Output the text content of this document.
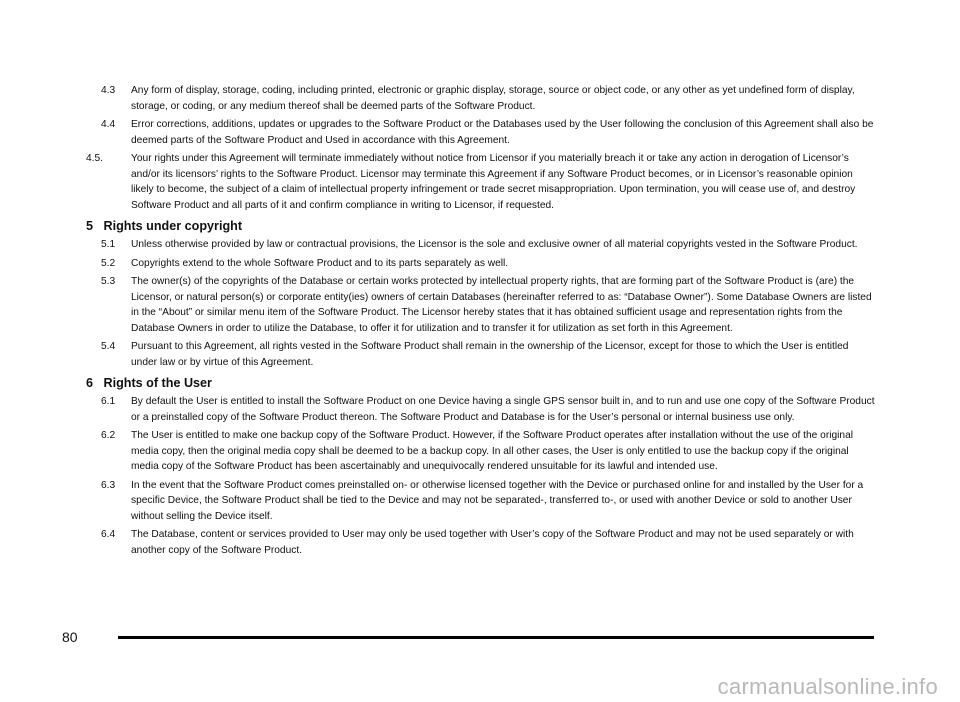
4.3 Any form of display, storage, coding, including printed, electronic or graphic display, storage, source or object code, or any other as yet undefined form of display, storage, or coding, or any medium thereof shall be deemed parts of the Software Product.
4.4 Error corrections, additions, updates or upgrades to the Software Product or the Databases used by the User following the conclusion of this Agreement shall also be deemed parts of the Software Product and Used in accordance with this Agreement.
4.5.	Your rights under this Agreement will terminate immediately without notice from Licensor if you materially breach it or take any action in derogation of Licensor’s and/or its licensors’ rights to the Software Product. Licensor may terminate this Agreement if any Software Product becomes, or in Licensor’s reasonable opinion likely to become, the subject of a claim of intellectual property infringement or trade secret misappropriation. Upon termination, you will cease use of, and destroy Software Product and all parts of it and confirm compliance in writing to Licensor, if requested.
5 Rights under copyright
5.1 Unless otherwise provided by law or contractual provisions, the Licensor is the sole and exclusive owner of all material copyrights vested in the Software Product.
5.2 Copyrights extend to the whole Software Product and to its parts separately as well.
5.3 The owner(s) of the copyrights of the Database or certain works protected by intellectual property rights, that are forming part of the Software Product is (are) the Licensor, or natural person(s) or corporate entity(ies) owners of certain Databases (hereinafter referred to as: “Database Owner”). Some Database Owners are listed in the “About” or similar menu item of the Software Product. The Licensor hereby states that it has obtained sufficient usage and representation rights from the Database Owners in order to utilize the Database, to offer it for utilization and to transfer it for utilization as set forth in this Agreement.
5.4 Pursuant to this Agreement, all rights vested in the Software Product shall remain in the ownership of the Licensor, except for those to which the User is entitled under law or by virtue of this Agreement.
6 Rights of the User
6.1 By default the User is entitled to install the Software Product on one Device having a single GPS sensor built in, and to run and use one copy of the Software Product or a preinstalled copy of the Software Product thereon. The Software Product and Database is for the User’s personal or internal business use only.
6.2 The User is entitled to make one backup copy of the Software Product. However, if the Software Product operates after installation without the use of the original media copy, then the original media copy shall be deemed to be a backup copy. In all other cases, the User is only entitled to use the backup copy if the original media copy of the Software Product has been ascertainably and unequivocally rendered unsuitable for its lawful and intended use.
6.3 In the event that the Software Product comes preinstalled on- or otherwise licensed together with the Device or purchased online for and installed by the User for a specific Device, the Software Product shall be tied to the Device and may not be separated-, transferred to-, or used with another Device or sold to another User without selling the Device itself.
6.4 The Database, content or services provided to User may only be used together with User’s copy of the Software Product and may not be used separately or with another copy of the Software Product.
80
carmanualsonline.info
